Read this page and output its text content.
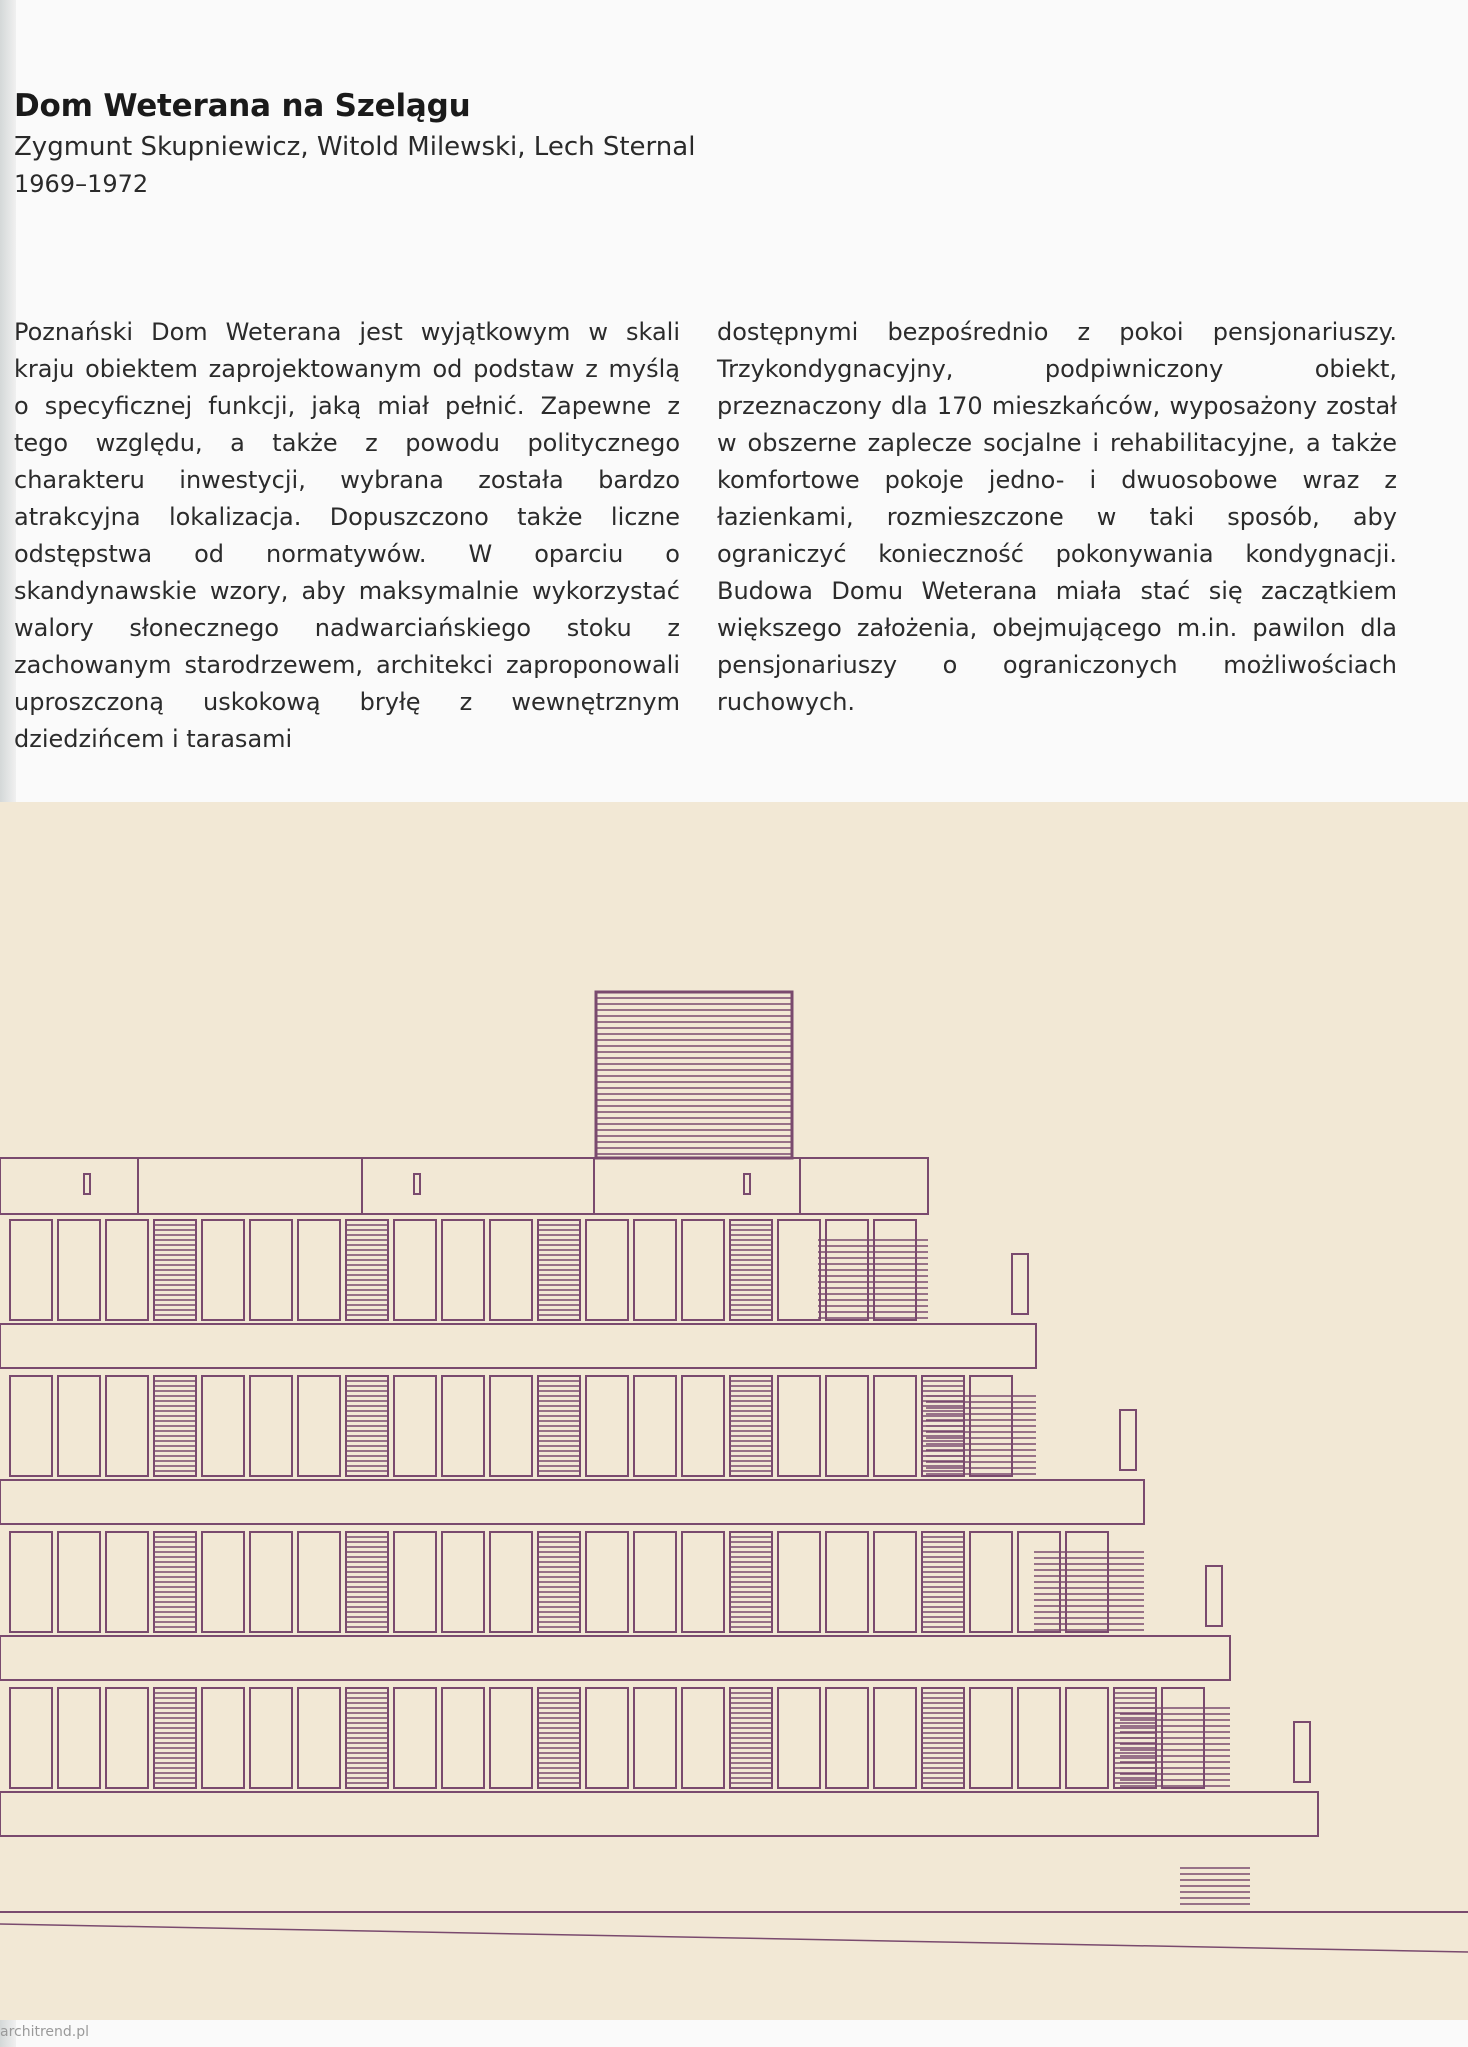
Dom Weterana na Szelągu
Zygmunt Skupniewicz, Witold Milewski, Lech Sternal
1969–1972

Poznański Dom Weterana jest wyjątkowym w skali kraju obiektem zaprojektowanym od podstaw z myślą o specyficznej funkcji, jaką miał pełnić. Zapewne z tego względu, a także z powodu politycznego charakteru inwestycji, wybrana została bardzo atrakcyjna lokalizacja. Dopuszczono także liczne odstępstwa od normatywów. W oparciu o skandynawskie wzory, aby maksymalnie wykorzystać walory słonecznego nadwarciańskiego stoku z zachowanym starodrzewem, architekci zaproponowali uproszczoną uskokową bryłę z wewnętrznym dziedzińcem i tarasami

dostępnymi bezpośrednio z pokoi pensjonariuszy. Trzykondygnacyjny, podpiwniczony obiekt, przeznaczony dla 170 mieszkańców, wyposażony został w obszerne zaplecze socjalne i rehabilitacyjne, a także komfortowe pokoje jedno- i dwuosobowe wraz z łazienkami, rozmieszczone w taki sposób, aby ograniczyć konieczność pokonywania kondygnacji. Budowa Domu Weterana miała stać się zaczątkiem większego założenia, obejmującego m.in. pawilon dla pensjonariuszy o ograniczonych możliwościach ruchowych.

architrend.pl
